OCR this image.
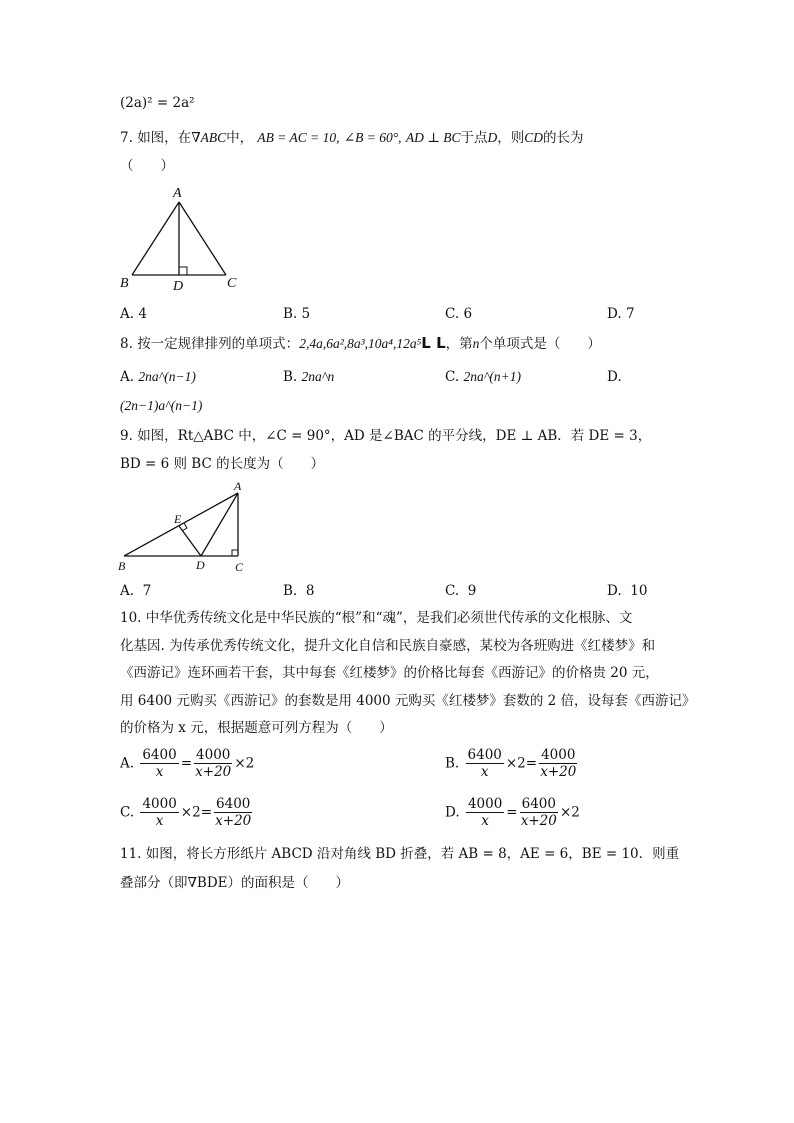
(2a)² = 2a²
7. 如图，在∇ABC中， AB = AC = 10, ∠B = 60°, AD ⊥ BC于点D，则CD的长为
（　　）
A
B	C
D
A. 4	B. 5	C. 6	D. 7
8. 按一定规律排列的单项式：2,4a,6a²,8a³,10a⁴,12a⁵L L，第n个单项式是（　　）
A. 2na^(n−1)	B. 2na^n	C. 2na^(n+1)	D.
(2n−1)a^(n−1)
9. 如图，Rt△ABC 中，∠C = 90°，AD 是∠BAC 的平分线，DE ⊥ AB．若 DE = 3，
BD = 6 则 BC 的长度为（　　）
A
B	C
D
E
A. 7	B. 8	C. 9	D. 10
10. 中华优秀传统文化是中华民族的“根”和“魂”，是我们必须世代传承的文化根脉、文
化基因. 为传承优秀传统文化，提升文化自信和民族自豪感，某校为各班购进《红楼梦》和
《西游记》连环画若干套，其中每套《红楼梦》的价格比每套《西游记》的价格贵 20 元，
用 6400 元购买《西游记》的套数是用 4000 元购买《红楼梦》套数的 2 倍，设每套《西游记》
的价格为 x 元，根据题意可列方程为（　　）
A. $\frac{6400}{x} = \frac{4000}{x+20} \times 2$	B. $\frac{6400}{x} \times 2= \frac{4000}{x+20}$
C. $\frac{4000}{x} \times 2= \frac{6400}{x+20}$	D. $\frac{4000}{x} = \frac{6400}{x+20} \times 2$
11. 如图，将长方形纸片 ABCD 沿对角线 BD 折叠，若 AB = 8，AE = 6，BE = 10．则重
叠部分（即∇BDE）的面积是（　　）
